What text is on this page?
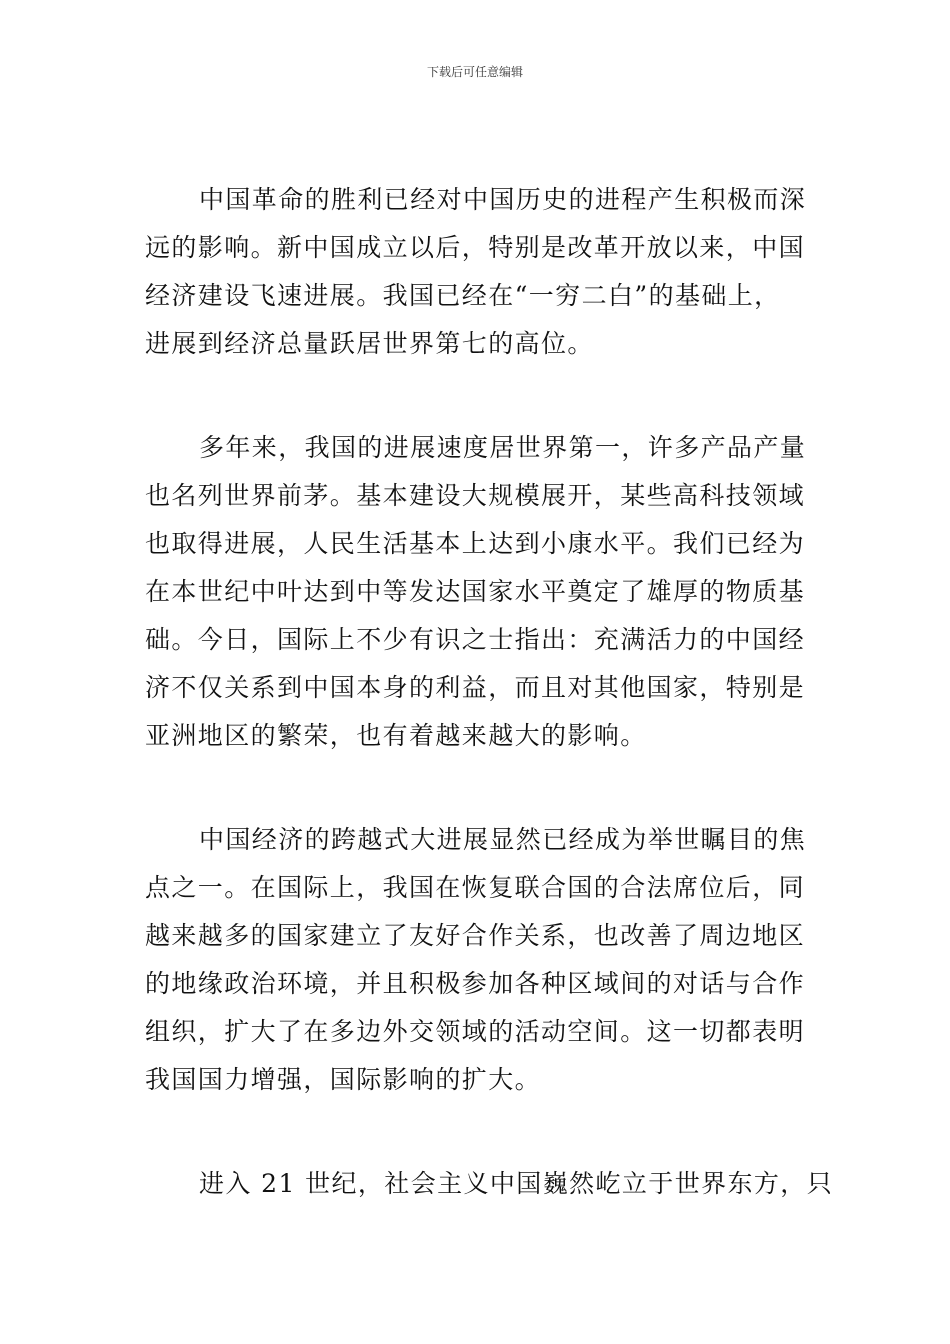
下载后可任意编辑

中国革命的胜利已经对中国历史的进程产生积极而深
远的影响。新中国成立以后，特别是改革开放以来，中国
经济建设飞速进展。我国已经在“一穷二白”的基础上，
进展到经济总量跃居世界第七的高位。

多年来，我国的进展速度居世界第一，许多产品产量
也名列世界前茅。基本建设大规模展开，某些高科技领域
也取得进展，人民生活基本上达到小康水平。我们已经为
在本世纪中叶达到中等发达国家水平奠定了雄厚的物质基
础。今日，国际上不少有识之士指出：充满活力的中国经
济不仅关系到中国本身的利益，而且对其他国家，特别是
亚洲地区的繁荣，也有着越来越大的影响。

中国经济的跨越式大进展显然已经成为举世瞩目的焦
点之一。在国际上，我国在恢复联合国的合法席位后，同
越来越多的国家建立了友好合作关系，也改善了周边地区
的地缘政治环境，并且积极参加各种区域间的对话与合作
组织，扩大了在多边外交领域的活动空间。这一切都表明
我国国力增强，国际影响的扩大。

进入 21 世纪，社会主义中国巍然屹立于世界东方，只
